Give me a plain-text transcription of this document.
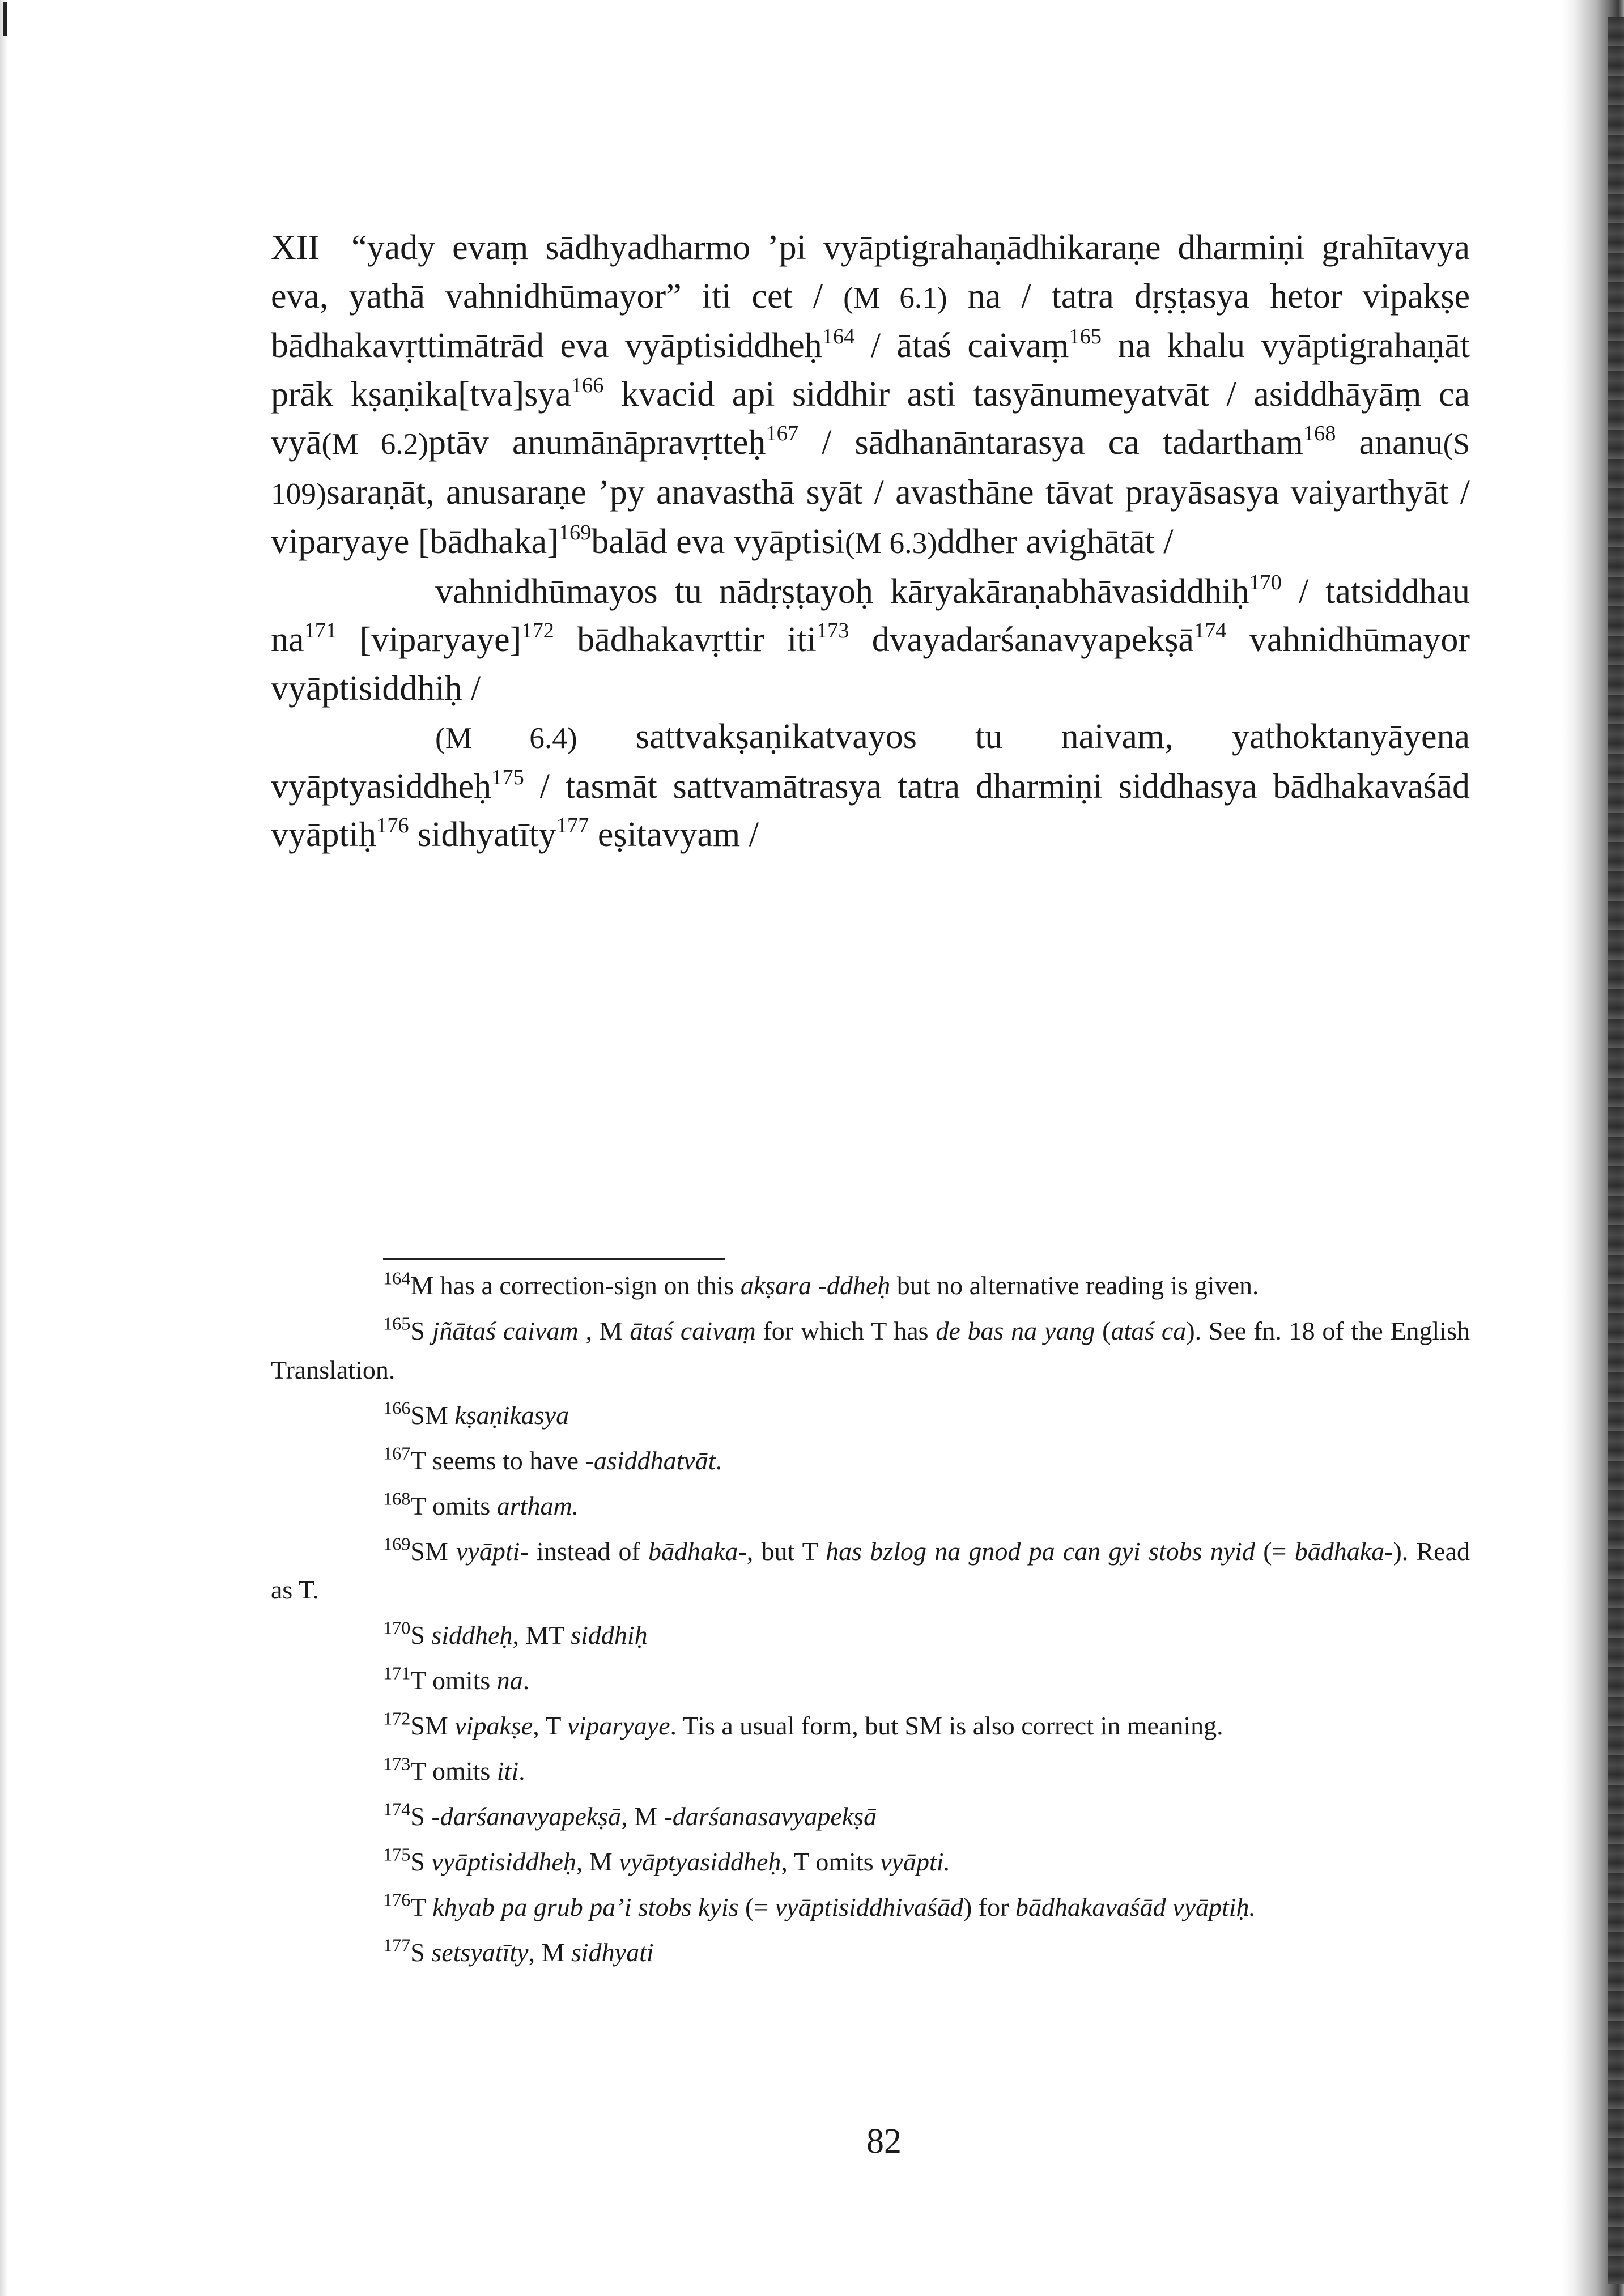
XII “yady evaṃ sādhyadharmo ’pi vyāptigrahaṇādhikaraṇe dharmiṇi grahītavya eva, yathā vahnidhūmayor” iti cet / (M 6.1) na / tatra dṛṣṭasya hetor vipakṣe bādhakavṛttimātrād eva vyāptisiddheḥ$^{164}$ / ātaś caivaṃ$^{165}$ na khalu vyāptigrahaṇāt prāk kṣaṇika[tva]sya$^{166}$ kvacid api siddhir asti tasyānumeyatvāt / asiddhāyāṃ ca vyā(M 6.2)ptāv anumānāpravṛtteḥ$^{167}$ / sādhanāntarasya ca tadartham$^{168}$ ananu(S 109)saraṇāt, anusaraṇe ’py anavasthā syāt / avasthāne tāvat prayāsasya vaiyarthyāt / viparyaye [bādhaka]$^{169}$balād eva vyāptisi(M 6.3)ddher avighātāt /

vahnidhūmayos tu nādṛṣṭayoḥ kāryakāraṇabhāvasiddhiḥ$^{170}$ / tatsiddhau $na^{171}$ [viparyaye]$^{172}$ bādhakavṛttir iti$^{173}$ dvayadarśanavyapekṣā$^{174}$ vahnidhūmayor vyāptisiddhiḥ /

(M 6.4) sattvakṣaṇikatvayos tu naivam, yathoktanyāyena vyāptyasiddheḥ$^{175}$ / tasmāt sattvamātrasya tatra dharmiṇi siddhasya bādhakavaśād vyāptiḥ$^{176}$ sidhyatīty$^{177}$ eṣitavyam /

$^{164}$M has a correction-sign on this akṣara -ddheḥ but no alternative reading is given.

$^{165}$S jñātaś caivam , M ātaś caivaṃ for which T has de bas na yang (ataś ca). See fn. 18 of the English Translation.

$^{166}$SM kṣaṇikasya

$^{167}$T seems to have -asiddhatvāt.

$^{168}$T omits artham.

$^{169}$SM vyāpti- instead of bādhaka-, but T has bzlog na gnod pa can gyi stobs nyid (= bādhaka-). Read as T.

$^{170}$S siddheḥ, MT siddhiḥ

$^{171}$T omits na.

$^{172}$SM vipakṣe, T viparyaye. Tis a usual form, but SM is also correct in meaning.

$^{173}$T omits iti.

$^{174}$S -darśanavyapekṣā, M -darśanasavyapekṣā

$^{175}$S vyāptisiddheḥ, M vyāptyasiddheḥ, T omits vyāpti.

$^{176}$T khyab pa grub pa’i stobs kyis (= vyāptisiddhivaśād) for bādhakavaśād vyāptiḥ.

$^{177}$S setsyatīty, M sidhyati

82
